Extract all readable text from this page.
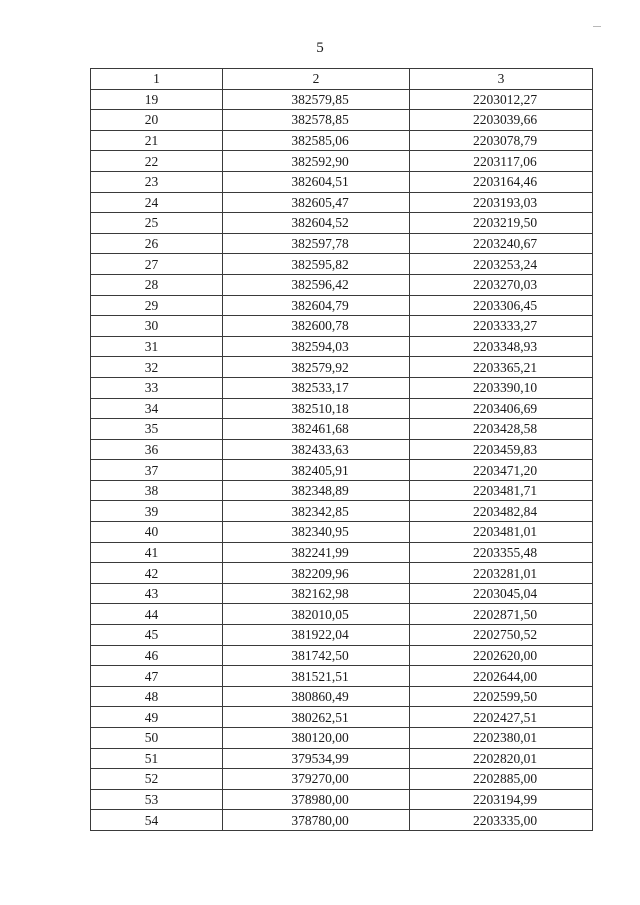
5
1	2	3
19	382579,85	2203012,27
20	382578,85	2203039,66
21	382585,06	2203078,79
22	382592,90	2203117,06
23	382604,51	2203164,46
24	382605,47	2203193,03
25	382604,52	2203219,50
26	382597,78	2203240,67
27	382595,82	2203253,24
28	382596,42	2203270,03
29	382604,79	2203306,45
30	382600,78	2203333,27
31	382594,03	2203348,93
32	382579,92	2203365,21
33	382533,17	2203390,10
34	382510,18	2203406,69
35	382461,68	2203428,58
36	382433,63	2203459,83
37	382405,91	2203471,20
38	382348,89	2203481,71
39	382342,85	2203482,84
40	382340,95	2203481,01
41	382241,99	2203355,48
42	382209,96	2203281,01
43	382162,98	2203045,04
44	382010,05	2202871,50
45	381922,04	2202750,52
46	381742,50	2202620,00
47	381521,51	2202644,00
48	380860,49	2202599,50
49	380262,51	2202427,51
50	380120,00	2202380,01
51	379534,99	2202820,01
52	379270,00	2202885,00
53	378980,00	2203194,99
54	378780,00	2203335,00
